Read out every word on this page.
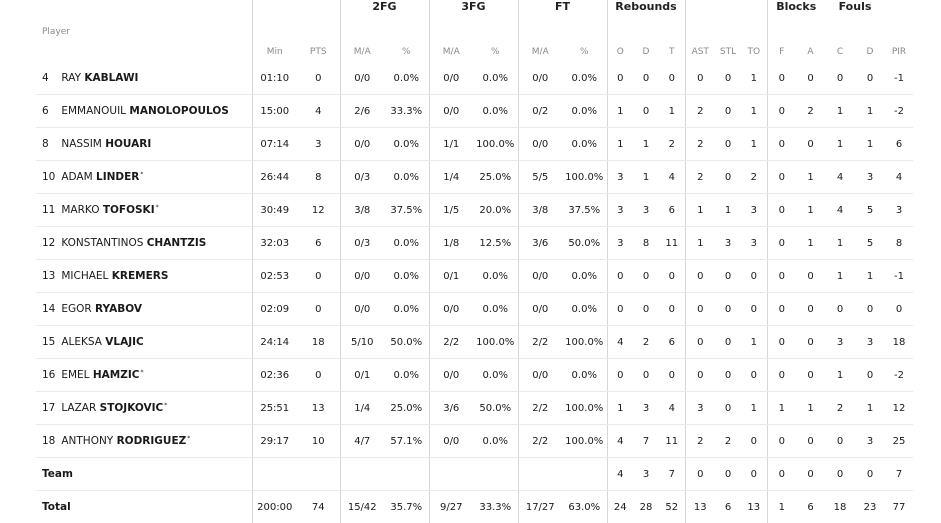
			2FG		3FG		FT		Rebounds						Blocks		Fouls		
Player	Min	PTS	M/A	%	M/A	%	M/A	%	O	D	T	AST	STL	TO	F	A	C	D	PIR
4 RAY KABLAWI	01:10	0	0/0	0.0%	0/0	0.0%	0/0	0.0%	0	0	0	0	0	1	0	0	0	0	-1
6 EMMANOUIL MANOLOPOULOS	15:00	4	2/6	33.3%	0/0	0.0%	0/2	0.0%	1	0	1	2	0	1	0	2	1	1	-2
8 NASSIM HOUARI	07:14	3	0/0	0.0%	1/1	100.0%	0/0	0.0%	1	1	2	2	0	1	0	0	1	1	6
10 ADAM LINDER*	26:44	8	0/3	0.0%	1/4	25.0%	5/5	100.0%	3	1	4	2	0	2	0	1	4	3	4
11 MARKO TOFOSKI*	30:49	12	3/8	37.5%	1/5	20.0%	3/8	37.5%	3	3	6	1	1	3	0	1	4	5	3
12 KONSTANTINOS CHANTZIS	32:03	6	0/3	0.0%	1/8	12.5%	3/6	50.0%	3	8	11	1	3	3	0	1	1	5	8
13 MICHAEL KREMERS	02:53	0	0/0	0.0%	0/1	0.0%	0/0	0.0%	0	0	0	0	0	0	0	0	1	1	-1
14 EGOR RYABOV	02:09	0	0/0	0.0%	0/0	0.0%	0/0	0.0%	0	0	0	0	0	0	0	0	0	0	0
15 ALEKSA VLAJIC	24:14	18	5/10	50.0%	2/2	100.0%	2/2	100.0%	4	2	6	0	0	1	0	0	3	3	18
16 EMEL HAMZIC*	02:36	0	0/1	0.0%	0/0	0.0%	0/0	0.0%	0	0	0	0	0	0	0	0	1	0	-2
17 LAZAR STOJKOVIC*	25:51	13	1/4	25.0%	3/6	50.0%	2/2	100.0%	1	3	4	3	0	1	1	1	2	1	12
18 ANTHONY RODRIGUEZ*	29:17	10	4/7	57.1%	0/0	0.0%	2/2	100.0%	4	7	11	2	2	0	0	0	0	3	25
Team									4	3	7	0	0	0	0	0	0	0	7
Total	200:00	74	15/42	35.7%	9/27	33.3%	17/27	63.0%	24	28	52	13	6	13	1	6	18	23	77
